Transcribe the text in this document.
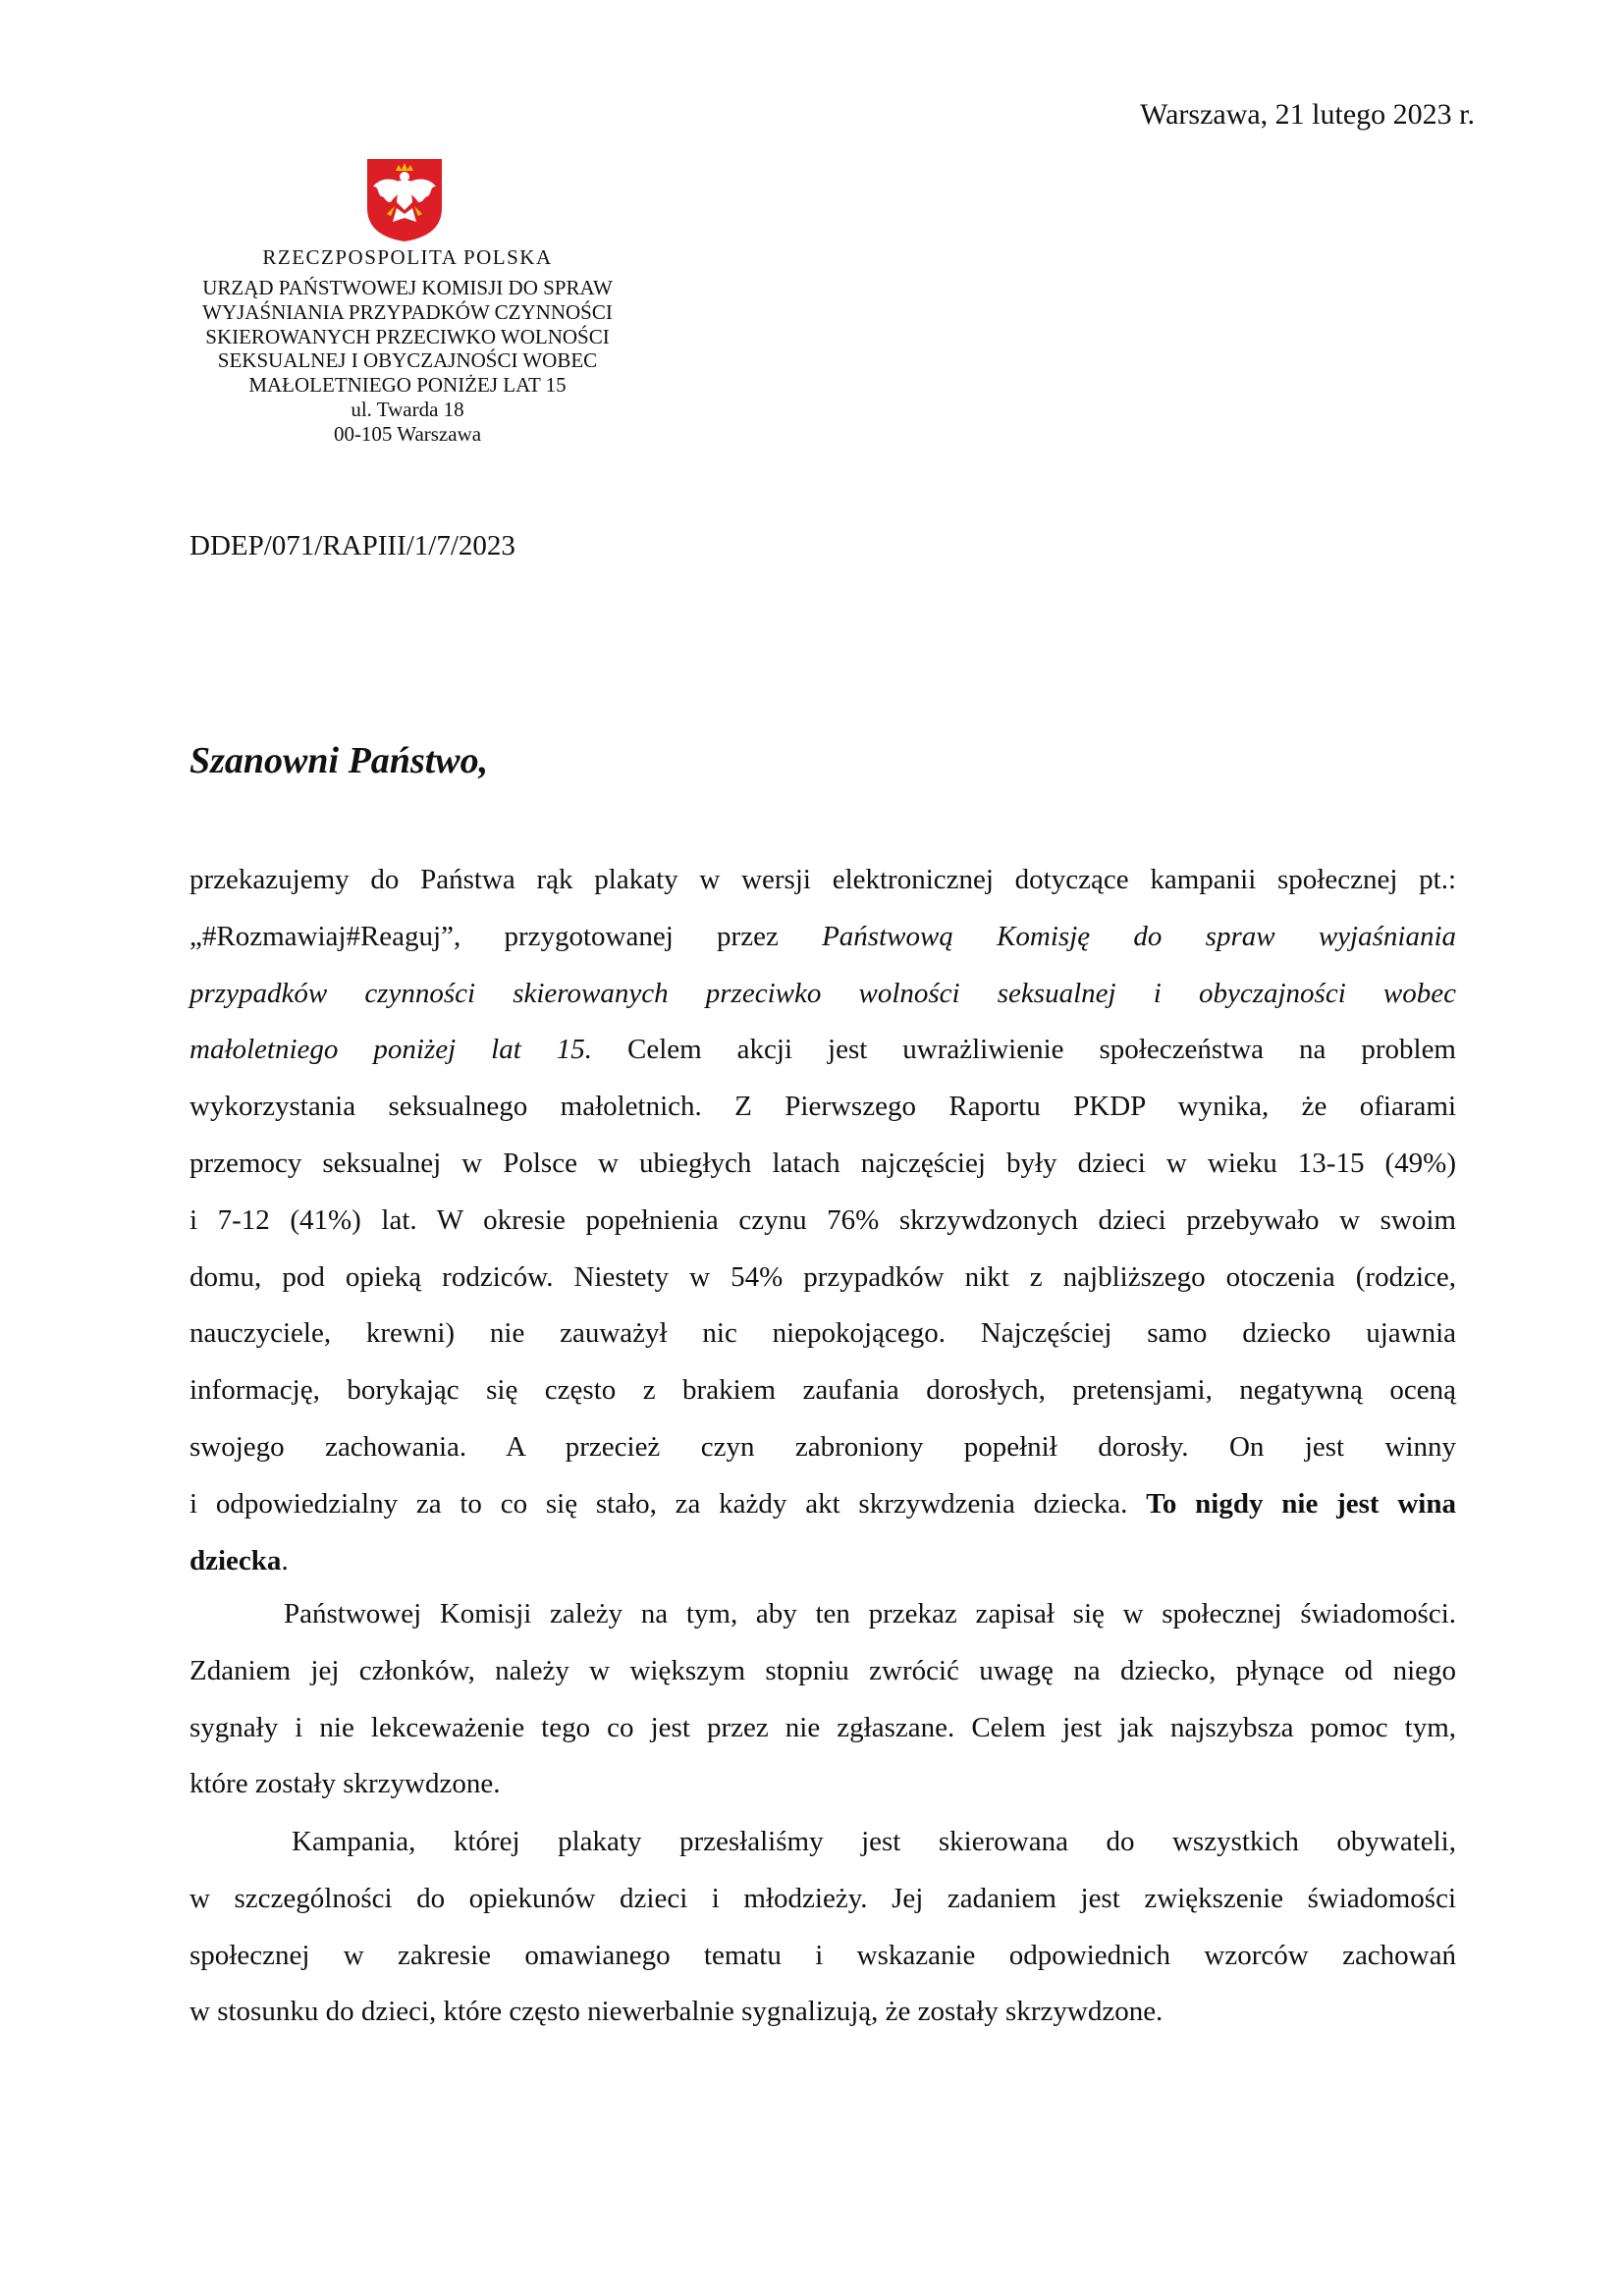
Warszawa, 21 lutego 2023 r.
RZECZPOSPOLITA POLSKA
URZĄD PAŃSTWOWEJ KOMISJI DO SPRAW
WYJAŚNIANIA PRZYPADKÓW CZYNNOŚCI
SKIEROWANYCH PRZECIWKO WOLNOŚCI
SEKSUALNEJ I OBYCZAJNOŚCI WOBEC
MAŁOLETNIEGO PONIŻEJ LAT 15
ul. Twarda 18
00-105 Warszawa
DDEP/071/RAPIII/1/7/2023
Szanowni Państwo,
przekazujemy do Państwa rąk plakaty w wersji elektronicznej dotyczące kampanii społecznej pt.:
„#Rozmawiaj#Reaguj”, przygotowanej przez Państwową Komisję do spraw wyjaśniania
przypadków czynności skierowanych przeciwko wolności seksualnej i obyczajności wobec
małoletniego poniżej lat 15. Celem akcji jest uwrażliwienie społeczeństwa na problem
wykorzystania seksualnego małoletnich. Z Pierwszego Raportu PKDP wynika, że ofiarami
przemocy seksualnej w Polsce w ubiegłych latach najczęściej były dzieci w wieku 13-15 (49%)
i 7-12 (41%) lat. W okresie popełnienia czynu 76% skrzywdzonych dzieci przebywało w swoim
domu, pod opieką rodziców. Niestety w 54% przypadków nikt z najbliższego otoczenia (rodzice,
nauczyciele, krewni) nie zauważył nic niepokojącego. Najczęściej samo dziecko ujawnia
informację, borykając się często z brakiem zaufania dorosłych, pretensjami, negatywną oceną
swojego zachowania. A przecież czyn zabroniony popełnił dorosły. On jest winny
i odpowiedzialny za to co się stało, za każdy akt skrzywdzenia dziecka. To nigdy nie jest wina
dziecka.
Państwowej Komisji zależy na tym, aby ten przekaz zapisał się w społecznej świadomości.
Zdaniem jej członków, należy w większym stopniu zwrócić uwagę na dziecko, płynące od niego
sygnały i nie lekceważenie tego co jest przez nie zgłaszane. Celem jest jak najszybsza pomoc tym,
które zostały skrzywdzone.
Kampania, której plakaty przesłaliśmy jest skierowana do wszystkich obywateli,
w szczególności do opiekunów dzieci i młodzieży. Jej zadaniem jest zwiększenie świadomości
społecznej w zakresie omawianego tematu i wskazanie odpowiednich wzorców zachowań
w stosunku do dzieci, które często niewerbalnie sygnalizują, że zostały skrzywdzone.
